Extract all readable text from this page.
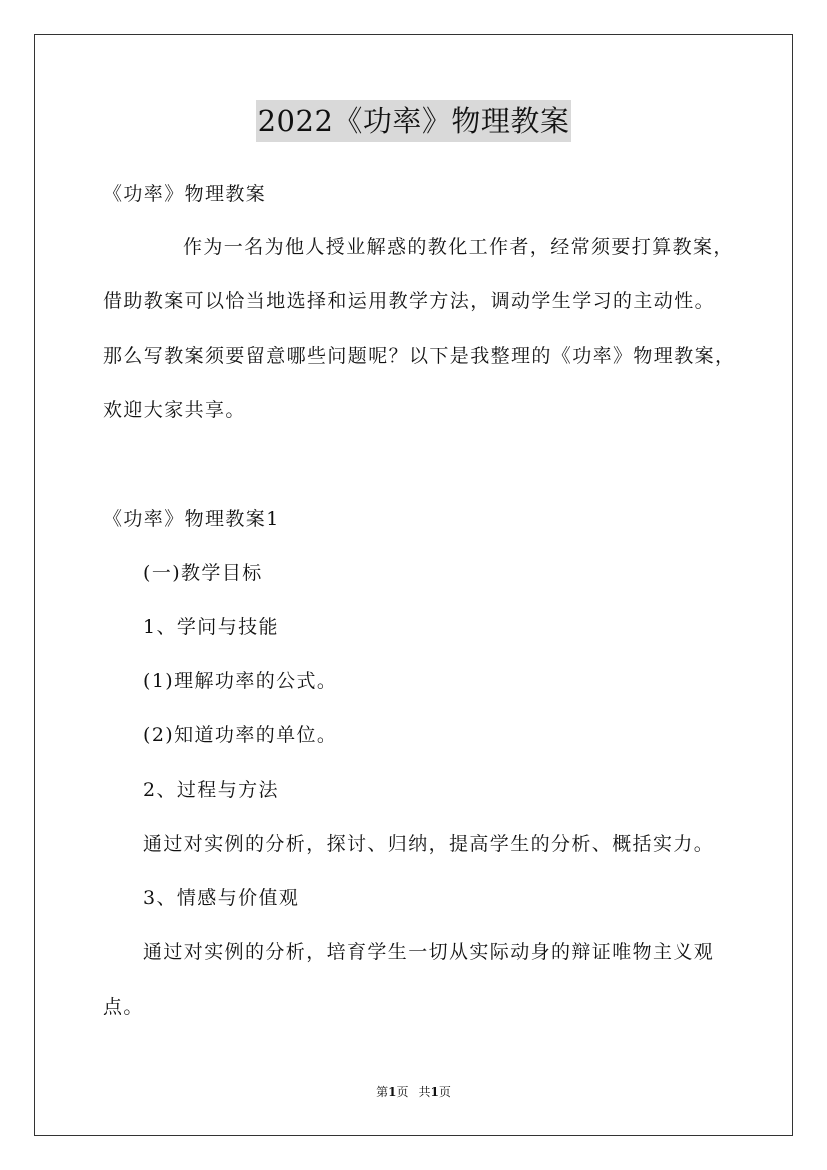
2022《功率》物理教案
《功率》物理教案
作为一名为他人授业解惑的教化工作者，经常须要打算教案，
借助教案可以恰当地选择和运用教学方法，调动学生学习的主动性。
那么写教案须要留意哪些问题呢？以下是我整理的《功率》物理教案，
欢迎大家共享。
《功率》物理教案1
(一)教学目标
1、学问与技能
(1)理解功率的公式。
(2)知道功率的单位。
2、过程与方法
通过对实例的分析，探讨、归纳，提高学生的分析、概括实力。
3、情感与价值观
通过对实例的分析，培育学生一切从实际动身的辩证唯物主义观
点。
第1页 共1页
